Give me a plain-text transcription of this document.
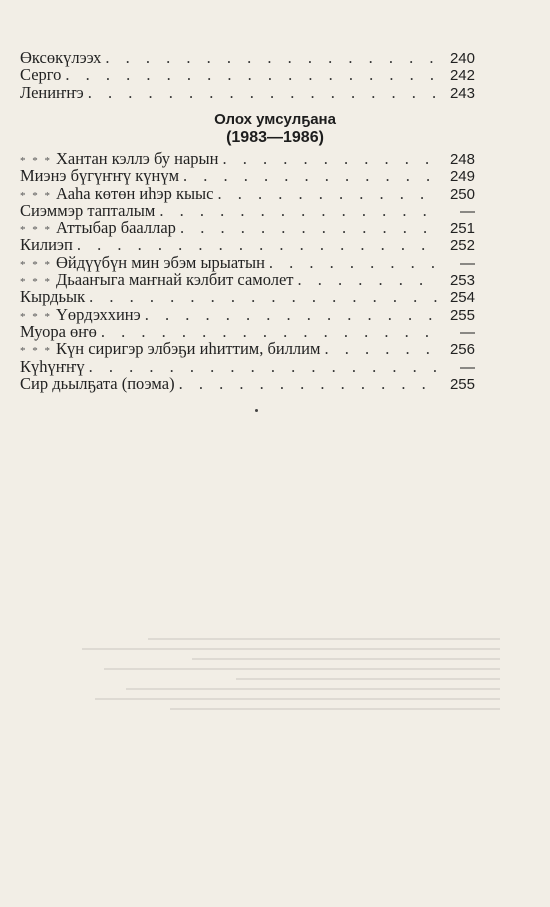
Өксөкүлээх . . .	240
Серго . . .	242
Лениҥҥэ . . .	243
Олох умсулҕана
(1983—1986)
* * * Хантан кэллэ бу нарын . . .	248
Миэнэ бүгүҥҥү күнүм . . .	249
* * * Ааһа көтөн иһэр кыыс . . .	250
Сиэммэр тапталым . . .	—
* * * Аттыбар бааллар . . .	251
Килиэп . . .	252
* * * Өйдүүбүн мин эбэм ырыатын . . .	—
* * * Дьааҥыга маҥнай кэлбит самолет . . .	253
Кырдьык . . .	254
* * * Үөрдэххинэ . . .	255
Муора өҥө . . .	—
* * * Күн сиригэр элбэҕи иһиттим, биллим . . .	256
Күһүҥҥү . . .	—
Сир дьылҕата (поэма) . . .	255
